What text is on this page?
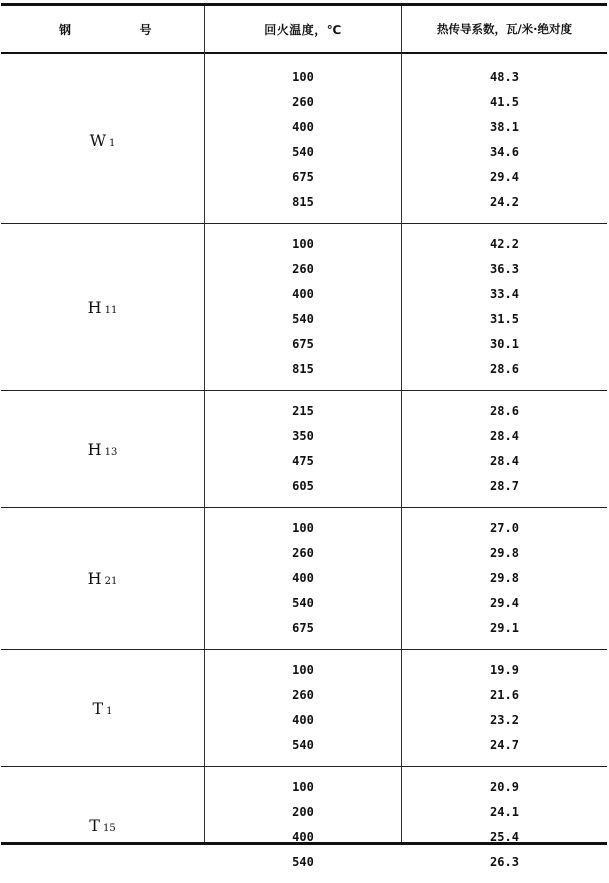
钢	号	回火温度，℃	热传导系数，瓦/米·绝对度
W 1
100	48.3
260	41.5
400	38.1
540	34.6
675	29.4
815	24.2
H 11
100	42.2
260	36.3
400	33.4
540	31.5
675	30.1
815	28.6
H 13
215	28.6
350	28.4
475	28.4
605	28.7
H 21
100	27.0
260	29.8
400	29.8
540	29.4
675	29.1
T 1
100	19.9
260	21.6
400	23.2
540	24.7
T 15
100	20.9
200	24.1
400	25.4
540	26.3
